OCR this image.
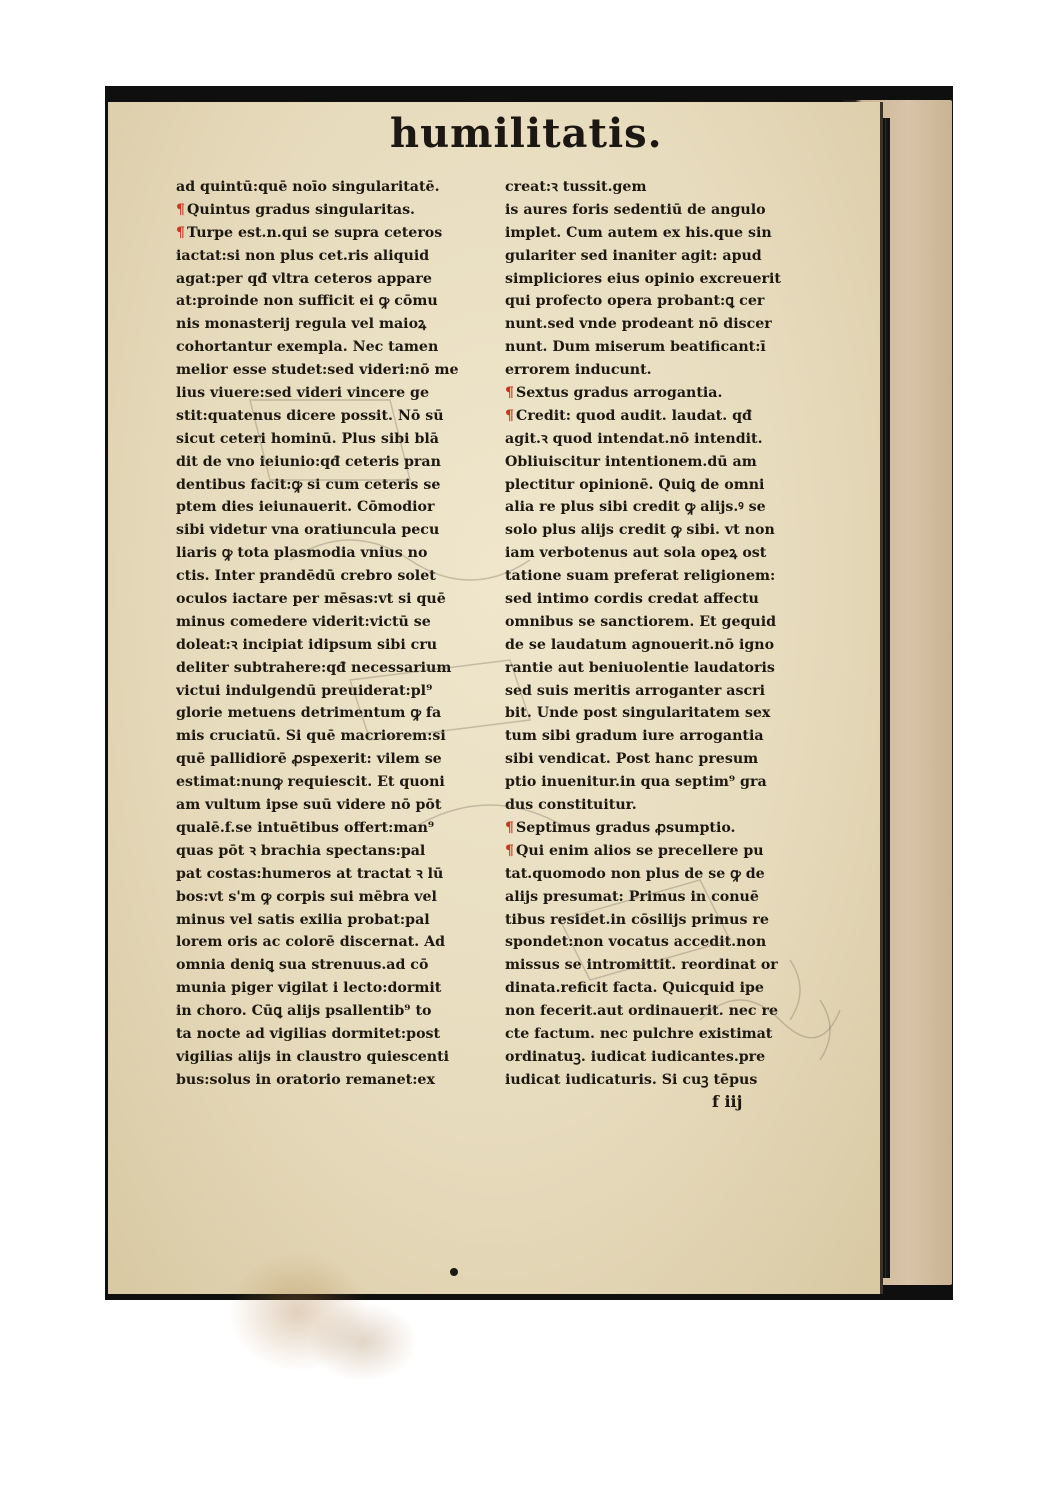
humilitatis.
ad quintū:quē noīo singularitatē.
¶ Quintus gradus singularitas.
¶ Turpe est.n.qui se supra ceteros
iactat:si non plus cet.ris aliquid
agat:per qđ vltra ceteros appare
at:proinde non sufficit ei ꝙ cōmu
nis monasterij regula vel maioꝝ
cohortantur exempla. Nec tamen
melior esse studet:sed videri:nō me
lius viuere:sed videri vincere ge
stit:quatenus dicere possit. Nō sū
sicut ceteri hominū. Plus sibi blā
dit de vno ieiunio:qđ ceteris pran
dentibus facit:ꝙ si cum ceteris se
ptem dies ieiunauerit. Cōmodior
sibi videtur vna oratiuncula pecu
liaris ꝙ tota plasmodia vnius no
ctis. Inter prandēdū crebro solet
oculos iactare per mēsas:vt si quē
minus comedere viderit:victū se
doleat:ꝛ incipiat idipsum sibi cru
deliter subtrahere:qđ necessarium
victui indulgendū preuiderat:pl⁹
glorie metuens detrimentum ꝙ fa
mis cruciatū. Si quē macriorem:si
quē pallidiorē ꝓspexerit: vilem se
estimat:nunꝙ requiescit. Et quoni
am vultum ipse suū videre nō pōt
qualē.f.se intuētibus offert:man⁹
quas pōt ꝛ brachia spectans:pal
pat costas:humeros at tractat ꝛ lū
bos:vt s'm ꝙ corpis sui mēbra vel
minus vel satis exilia probat:pal
lorem oris ac colorē discernat. Ad
omnia deniꝗ sua strenuus.ad cō
munia piger vigilat i lecto:dormit
in choro. Cūꝗ alijs psallentib⁹ to
ta nocte ad vigilias dormitet:post
vigilias alijs in claustro quiescenti
bus:solus in oratorio remanet:ex
creat:ꝛ tussit.gem
is aures foris sedentiū de angulo
implet. Cum autem ex his.que sin
gulariter sed inaniter agit: apud
simpliciores eius opinio excreuerit
qui profecto opera probant:ꝗ cer
nunt.sed vnde prodeant nō discer
nunt. Dum miserum beatificant:ī
errorem inducunt.
¶ Sextus gradus arrogantia.
¶ Credit: quod audit. laudat. qđ
agit.ꝛ quod intendat.nō intendit.
Obliuiscitur intentionem.dū am
plectitur opinionē. Quiꝗ de omni
alia re plus sibi credit ꝙ alijs.ꝰ se
solo plus alijs credit ꝙ sibi. vt non
iam verbotenus aut sola opeꝝ ost
tatione suam preferat religionem:
sed intimo cordis credat affectu
omnibus se sanctiorem. Et gequid
de se laudatum agnouerit.nō igno
rantie aut beniuolentie laudatoris
sed suis meritis arroganter ascri
bit. Unde post singularitatem sex
tum sibi gradum iure arrogantia
sibi vendicat. Post hanc presum
ptio inuenitur.in qua septim⁹ gra
dus constituitur.
¶ Septimus gradus ꝓsumptio.
¶ Qui enim alios se precellere pu
tat.quomodo non plus de se ꝙ de
alijs presumat: Primus in conuē
tibus residet.in cōsilijs primus re
spondet:non vocatus accedit.non
missus se intromittit. reordinat or
dinata.reficit facta. Quicquid ipe
non fecerit.aut ordinauerit. nec re
cte factum. nec pulchre existimat
ordinatuꝫ. iudicat iudicantes.pre
iudicat iudicaturis. Si cuꝫ tēpus
f iij
